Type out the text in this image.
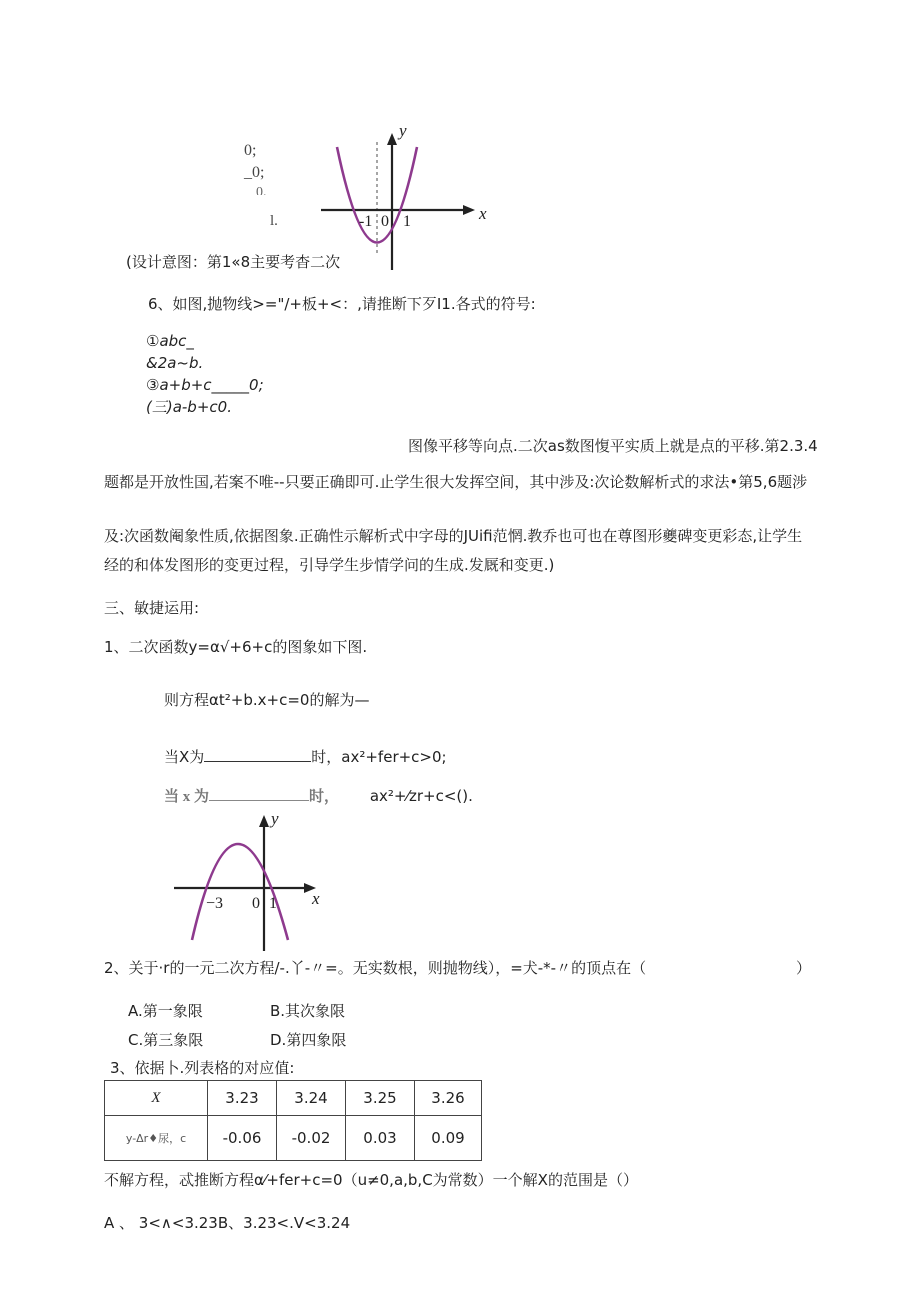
0;
_0;
0.
l.
y
x
-1 0 1
(设计意图：第1«8主要考杳二次
6、如图,抛物线>="/+板+<：,请推断下歹I1.各式的符号:
①abc_
&2a~b.
③a+b+c_____0;
(三)a-b+c0.
图像平移等向点.二次as数图愎平实质上就是点的平移.第2.3.4
题都是开放性国,若案不唯--只要正确即可.止学生很大发挥空间，其中涉及:次论数解析式的求法•第5,6题涉
及:次函数阉象性质,依据图象.正确性示解析式中字母的JUifi范惘.教乔也可也在尊图形夔碑变更彩态,让学生
经的和体发图形的变更过程，引导学生步情学问的生成.发厩和变更.)
三、敏捷运用:
1、二次函数y=α√+6+c的图象如下图.
则方程αt²+b.x+c=0的解为—
当X为	时，ax²+fer+c>0;
当 x 为	时， ax²+⁄zr+c<().
y
x
−3 0 1
2、关于·r的一元二次方程/-.丫-〃=。无实数根，则抛物线），=犬-*-〃的顶点在（	）
A.第一象限	B.其次象限
C.第三象限	D.第四象限
3、依据卜.列表格的对应值:
X	3.23	3.24	3.25	3.26
y-Δr♦尿，c	-0.06	-0.02	0.03	0.09
不解方程，忒推断方程α⁄+fer+c=0（u≠0,a,b,C为常数）一个解X的范围是（）
A 、 3<∧<3.23B、3.23<.V<3.24
